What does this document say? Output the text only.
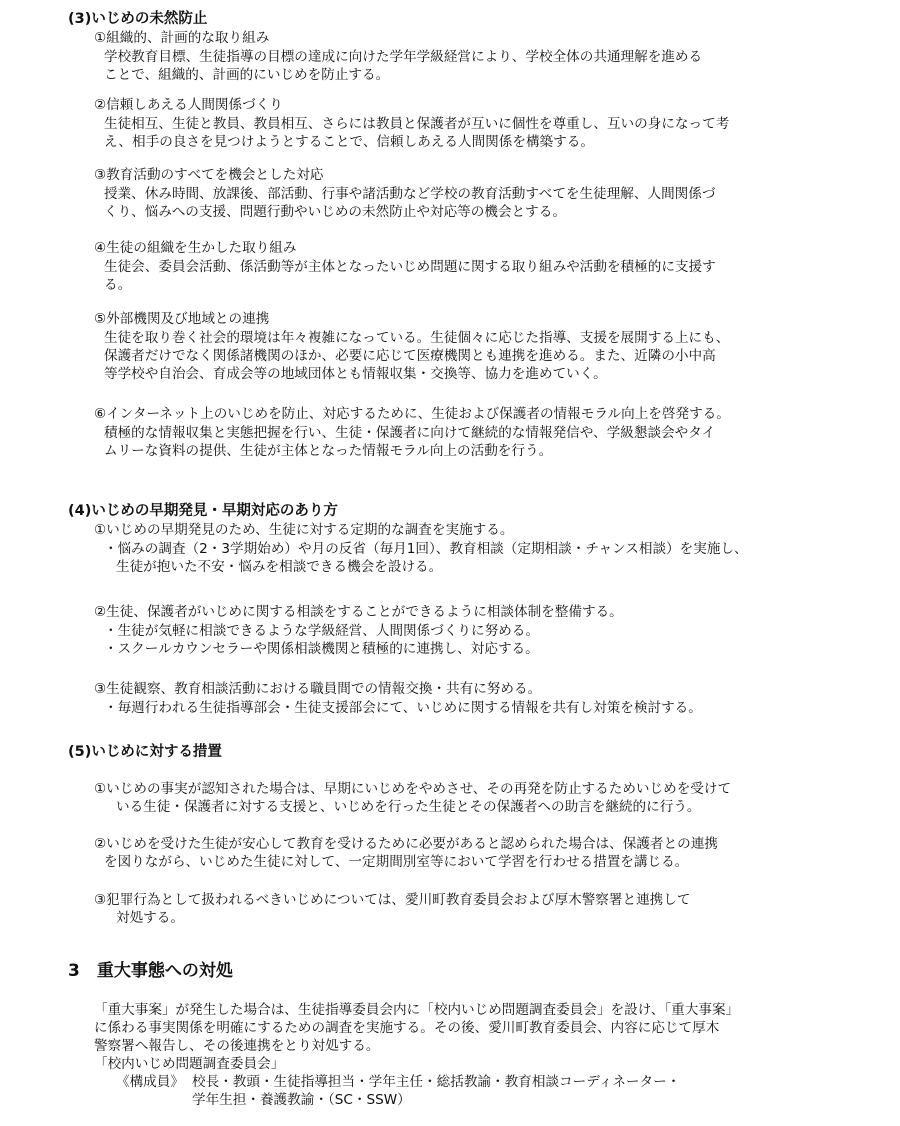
(3)いじめの未然防止
①組織的、計画的な取り組み
学校教育目標、生徒指導の目標の達成に向けた学年学級経営により、学校全体の共通理解を進める
ことで、組織的、計画的にいじめを防止する。
②信頼しあえる人間関係づくり
生徒相互、生徒と教員、教員相互、さらには教員と保護者が互いに個性を尊重し、互いの身になって考
え、相手の良さを見つけようとすることで、信頼しあえる人間関係を構築する。
③教育活動のすべてを機会とした対応
授業、休み時間、放課後、部活動、行事や諸活動など学校の教育活動すべてを生徒理解、人間関係づ
くり、悩みへの支援、問題行動やいじめの未然防止や対応等の機会とする。
④生徒の組織を生かした取り組み
生徒会、委員会活動、係活動等が主体となったいじめ問題に関する取り組みや活動を積極的に支援す
る。
⑤外部機関及び地域との連携
生徒を取り巻く社会的環境は年々複雑になっている。生徒個々に応じた指導、支援を展開する上にも、
保護者だけでなく関係諸機関のほか、必要に応じて医療機関とも連携を進める。また、近隣の小中高
等学校や自治会、育成会等の地域団体とも情報収集・交換等、協力を進めていく。
⑥インターネット上のいじめを防止、対応するために、生徒および保護者の情報モラル向上を啓発する。
積極的な情報収集と実態把握を行い、生徒・保護者に向けて継続的な情報発信や、学級懇談会やタイ
ムリーな資料の提供、生徒が主体となった情報モラル向上の活動を行う。
(4)いじめの早期発見・早期対応のあり方
①いじめの早期発見のため、生徒に対する定期的な調査を実施する。
・悩みの調査（2・3学期始め）や月の反省（毎月1回）、教育相談（定期相談・チャンス相談）を実施し、
生徒が抱いた不安・悩みを相談できる機会を設ける。
②生徒、保護者がいじめに関する相談をすることができるように相談体制を整備する。
・生徒が気軽に相談できるような学級経営、人間関係づくりに努める。
・スクールカウンセラーや関係相談機関と積極的に連携し、対応する。
③生徒観察、教育相談活動における職員間での情報交換・共有に努める。
・毎週行われる生徒指導部会・生徒支援部会にて、いじめに関する情報を共有し対策を検討する。
(5)いじめに対する措置
①いじめの事実が認知された場合は、早期にいじめをやめさせ、その再発を防止するためいじめを受けて
いる生徒・保護者に対する支援と、いじめを行った生徒とその保護者への助言を継続的に行う。
②いじめを受けた生徒が安心して教育を受けるために必要があると認められた場合は、保護者との連携
を図りながら、いじめた生徒に対して、一定期間別室等において学習を行わせる措置を講じる。
③犯罪行為として扱われるべきいじめについては、愛川町教育委員会および厚木警察署と連携して
対処する。
3　重大事態への対処
「重大事案」が発生した場合は、生徒指導委員会内に「校内いじめ問題調査委員会」を設け、「重大事案」
に係わる事実関係を明確にするための調査を実施する。その後、愛川町教育委員会、内容に応じて厚木
警察署へ報告し、その後連携をとり対処する。
「校内いじめ問題調査委員会」
《構成員》 校長・教頭・生徒指導担当・学年主任・総括教諭・教育相談コーディネーター・
学年生担・養護教諭・（SC・SSW）
